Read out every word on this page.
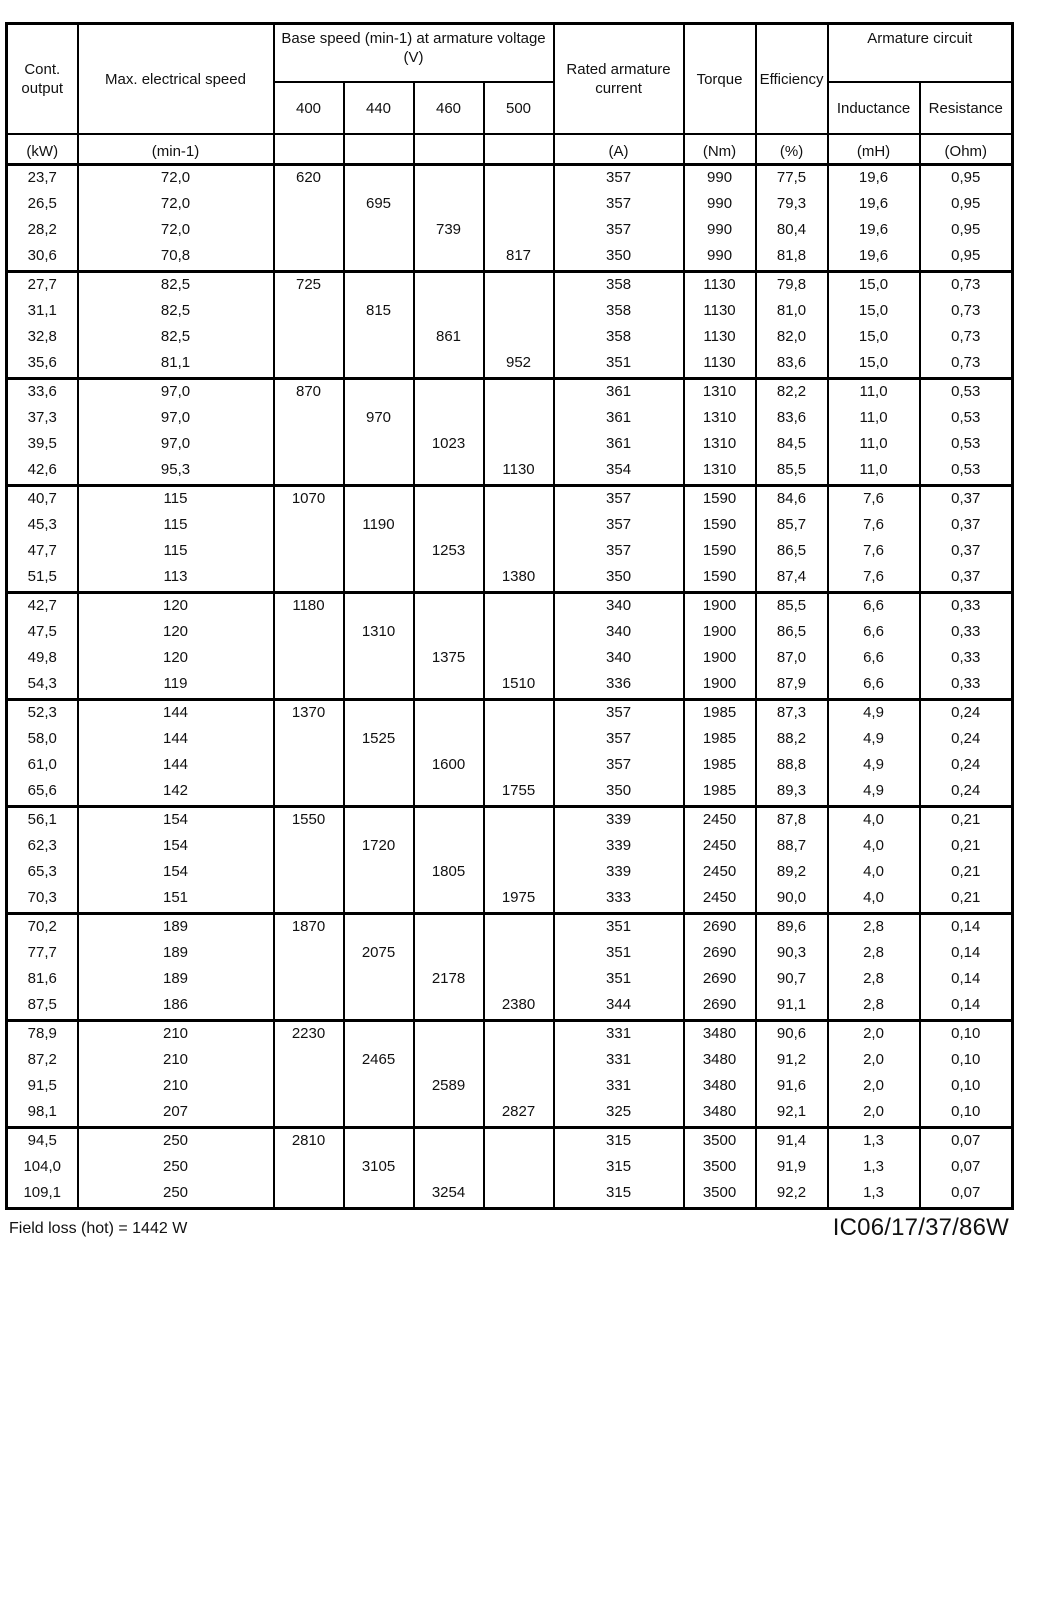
Cont. output	Max. electrical speed	Base speed (min-1) at armature voltage (V)				Rated armature current	Torque	Efficiency	Armature circuit	
		400	440	460	500				Inductance	Resistance
(kW)	(min-1)					(A)	(Nm)	(%)	(mH)	(Ohm)
23,7	72,0	620				357	990	77,5	19,6	0,95
26,5	72,0		695			357	990	79,3	19,6	0,95
28,2	72,0			739		357	990	80,4	19,6	0,95
30,6	70,8				817	350	990	81,8	19,6	0,95
27,7	82,5	725				358	1130	79,8	15,0	0,73
31,1	82,5		815			358	1130	81,0	15,0	0,73
32,8	82,5			861		358	1130	82,0	15,0	0,73
35,6	81,1				952	351	1130	83,6	15,0	0,73
33,6	97,0	870				361	1310	82,2	11,0	0,53
37,3	97,0		970			361	1310	83,6	11,0	0,53
39,5	97,0			1023		361	1310	84,5	11,0	0,53
42,6	95,3				1130	354	1310	85,5	11,0	0,53
40,7	115	1070				357	1590	84,6	7,6	0,37
45,3	115		1190			357	1590	85,7	7,6	0,37
47,7	115			1253		357	1590	86,5	7,6	0,37
51,5	113				1380	350	1590	87,4	7,6	0,37
42,7	120	1180				340	1900	85,5	6,6	0,33
47,5	120		1310			340	1900	86,5	6,6	0,33
49,8	120			1375		340	1900	87,0	6,6	0,33
54,3	119				1510	336	1900	87,9	6,6	0,33
52,3	144	1370				357	1985	87,3	4,9	0,24
58,0	144		1525			357	1985	88,2	4,9	0,24
61,0	144			1600		357	1985	88,8	4,9	0,24
65,6	142				1755	350	1985	89,3	4,9	0,24
56,1	154	1550				339	2450	87,8	4,0	0,21
62,3	154		1720			339	2450	88,7	4,0	0,21
65,3	154			1805		339	2450	89,2	4,0	0,21
70,3	151				1975	333	2450	90,0	4,0	0,21
70,2	189	1870				351	2690	89,6	2,8	0,14
77,7	189		2075			351	2690	90,3	2,8	0,14
81,6	189			2178		351	2690	90,7	2,8	0,14
87,5	186				2380	344	2690	91,1	2,8	0,14
78,9	210	2230				331	3480	90,6	2,0	0,10
87,2	210		2465			331	3480	91,2	2,0	0,10
91,5	210			2589		331	3480	91,6	2,0	0,10
98,1	207				2827	325	3480	92,1	2,0	0,10
94,5	250	2810				315	3500	91,4	1,3	0,07
104,0	250		3105			315	3500	91,9	1,3	0,07
109,1	250			3254		315	3500	92,2	1,3	0,07
Field loss (hot) = 1442 W	IC06/17/37/86W
